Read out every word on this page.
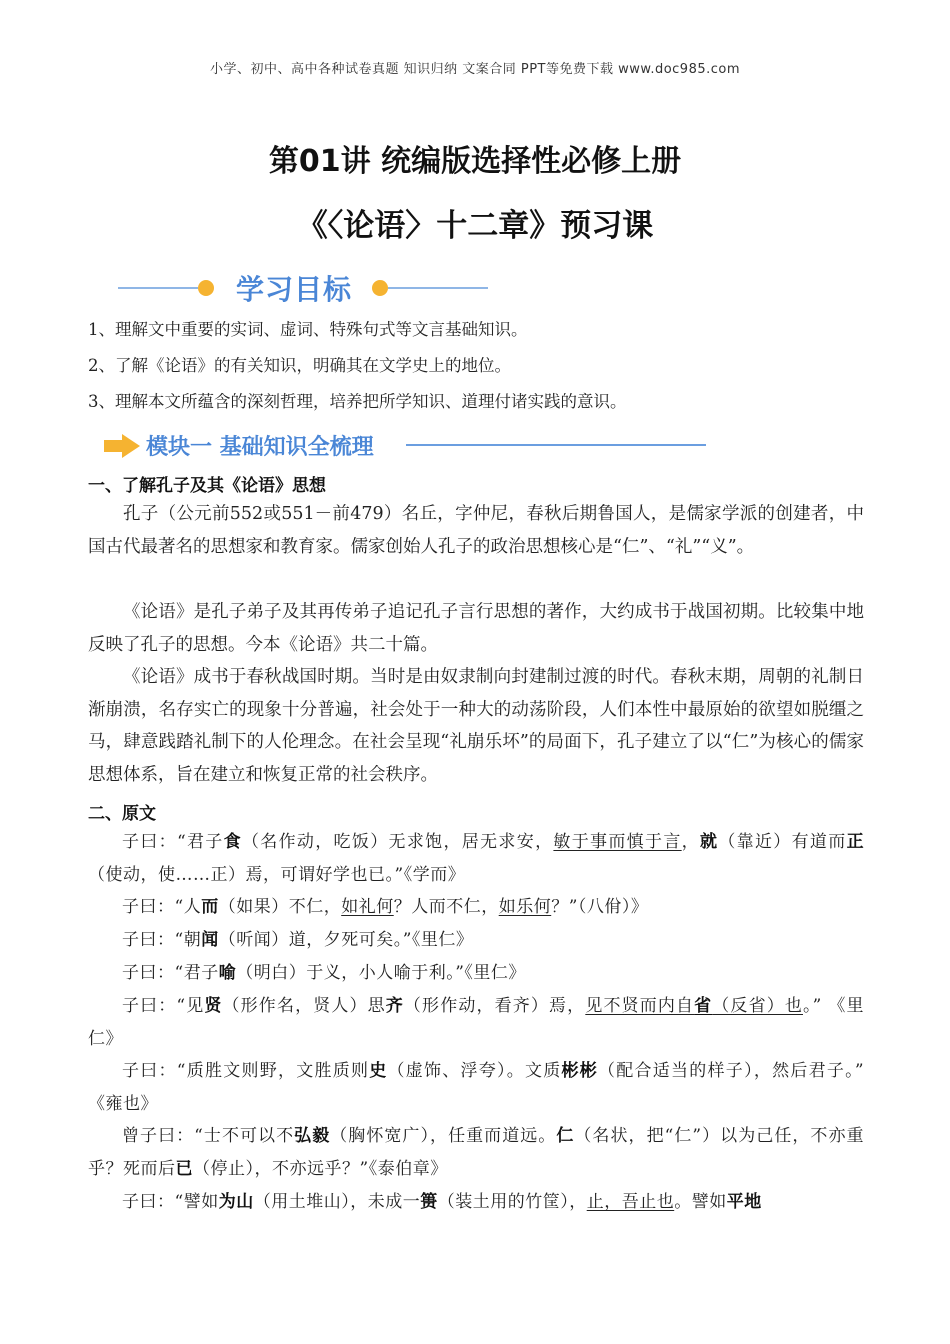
小学、初中、高中各种试卷真题 知识归纳 文案合同 PPT等免费下载 www.doc985.com
第01讲 统编版选择性必修上册
《〈论语〉十二章》预习课
学习目标
1、理解文中重要的实词、虚词、特殊句式等文言基础知识。
2、了解《论语》的有关知识，明确其在文学史上的地位。
3、理解本文所蕴含的深刻哲理，培养把所学知识、道理付诸实践的意识。
模块一 基础知识全梳理
一、了解孔子及其《论语》思想

孔子（公元前552或551－前479）名丘，字仲尼，春秋后期鲁国人，是儒家学派的创建者，中国古代最著名的思想家和教育家。儒家创始人孔子的政治思想核心是“仁”、“礼”“义”。

《论语》是孔子弟子及其再传弟子追记孔子言行思想的著作，大约成书于战国初期。比较集中地反映了孔子的思想。今本《论语》共二十篇。

《论语》成书于春秋战国时期。当时是由奴隶制向封建制过渡的时代。春秋末期，周朝的礼制日渐崩溃，名存实亡的现象十分普遍，社会处于一种大的动荡阶段，人们本性中最原始的欲望如脱缰之马，肆意践踏礼制下的人伦理念。在社会呈现“礼崩乐坏”的局面下，孔子建立了以“仁”为核心的儒家思想体系，旨在建立和恢复正常的社会秩序。

二、原文

子曰：“君子食（名作动，吃饭）无求饱，居无求安，敏于事而慎于言，就（靠近）有道而正（使动，使……正）焉，可谓好学也已。”《学而》

子曰：“人而（如果）不仁，如礼何？人而不仁，如乐何？”（八佾）》

子曰：“朝闻（听闻）道，夕死可矣。”《里仁》

子曰：“君子喻（明白）于义，小人喻于利。”《里仁》

子曰：“见贤（形作名，贤人）思齐（形作动，看齐）焉，见不贤而内自省（反省）也。” 《里仁》

子曰：“质胜文则野，文胜质则史（虚饰、浮夸）。文质彬彬（配合适当的样子），然后君子。” 《雍也》

曾子曰：“士不可以不弘毅（胸怀宽广），任重而道远。仁（名状，把“仁”）以为己任，不亦重乎？死而后已（停止），不亦远乎？”《泰伯章》

子曰：“譬如为山（用土堆山），未成一篑（装土用的竹筐），止，吾止也。譬如平地
